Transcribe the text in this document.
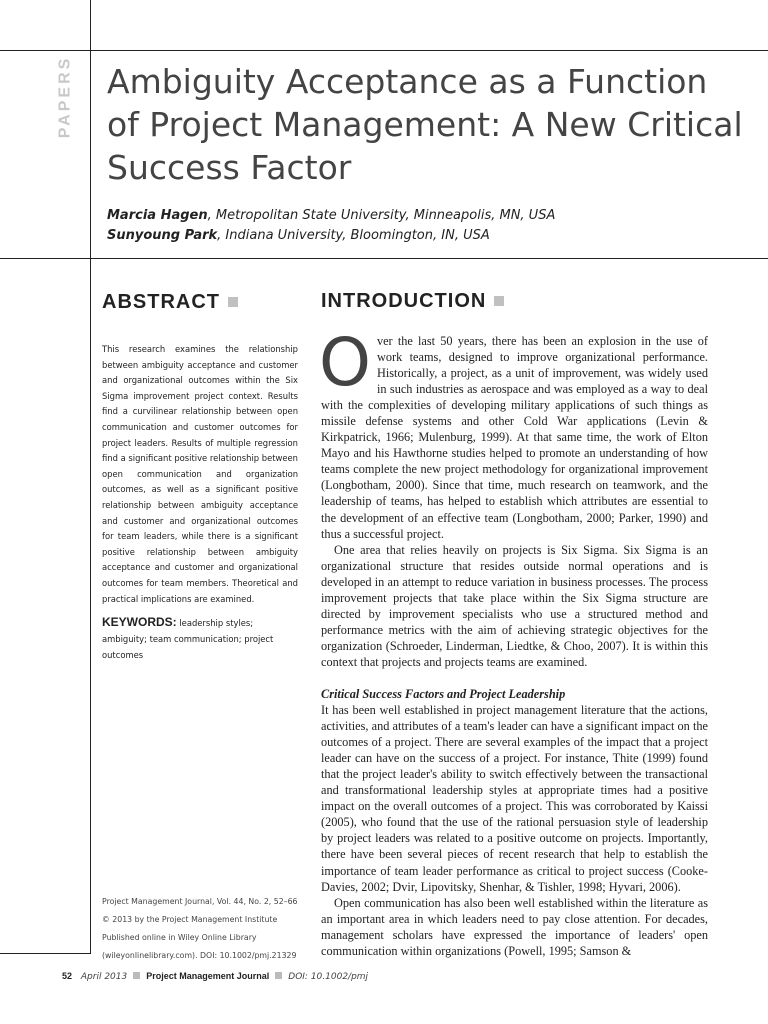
PAPERS Ambiguity Acceptance as a Function of Project Management: A New Critical Success Factor
Marcia Hagen, Metropolitan State University, Minneapolis, MN, USA
Sunyoung Park, Indiana University, Bloomington, IN, USA
ABSTRACT
This research examines the relationship between ambiguity acceptance and customer and organizational outcomes within the Six Sigma improvement project context. Results find a curvilinear relationship between open communication and customer outcomes for project leaders. Results of multiple regression find a significant positive relationship between open communication and organization outcomes, as well as a significant positive relationship between ambiguity acceptance and customer and organizational outcomes for team leaders, while there is a significant positive relationship between ambiguity acceptance and customer and organizational outcomes for team members. Theoretical and practical implications are examined.
KEYWORDS: leadership styles; ambiguity; team communication; project outcomes
Project Management Journal, Vol. 44, No. 2, 52–66
© 2013 by the Project Management Institute
Published online in Wiley Online Library
(wileyonlinelibrary.com). DOI: 10.1002/pmj.21329
INTRODUCTION

Over the last 50 years, there has been an explosion in the use of work teams, designed to improve organizational performance. Historically, a project, as a unit of improvement, was widely used in such industries as aerospace and was employed as a way to deal with the complexities of developing military applications of such things as missile defense systems and other Cold War applications (Levin & Kirkpatrick, 1966; Mulenburg, 1999). At that same time, the work of Elton Mayo and his Hawthorne studies helped to promote an understanding of how teams complete the new project methodology for organizational improvement (Longbotham, 2000). Since that time, much research on teamwork, and the leadership of teams, has helped to establish which attributes are essential to the development of an effective team (Longbotham, 2000; Parker, 1990) and thus a successful project.

One area that relies heavily on projects is Six Sigma. Six Sigma is an organizational structure that resides outside normal operations and is developed in an attempt to reduce variation in business processes. The process improvement projects that take place within the Six Sigma structure are directed by improvement specialists who use a structured method and performance metrics with the aim of achieving strategic objectives for the organization (Schroeder, Linderman, Liedtke, & Choo, 2007). It is within this context that projects and projects teams are examined.

Critical Success Factors and Project Leadership

It has been well established in project management literature that the actions, activities, and attributes of a team's leader can have a significant impact on the outcomes of a project. There are several examples of the impact that a project leader can have on the success of a project. For instance, Thite (1999) found that the project leader's ability to switch effectively between the transactional and transformational leadership styles at appropriate times had a positive impact on the overall outcomes of a project. This was corroborated by Kaissi (2005), who found that the use of the rational persuasion style of leadership by project leaders was related to a positive outcome on projects. Importantly, there have been several pieces of recent research that help to establish the importance of team leader performance as critical to project success (Cooke-Davies, 2002; Dvir, Lipovitsky, Shenhar, & Tishler, 1998; Hyvari, 2006).

Open communication has also been well established within the literature as an important area in which leaders need to pay close attention. For decades, management scholars have expressed the importance of leaders' open communication within organizations (Powell, 1995; Samson &

52 April 2013 Project Management Journal DOI: 10.1002/pmj
